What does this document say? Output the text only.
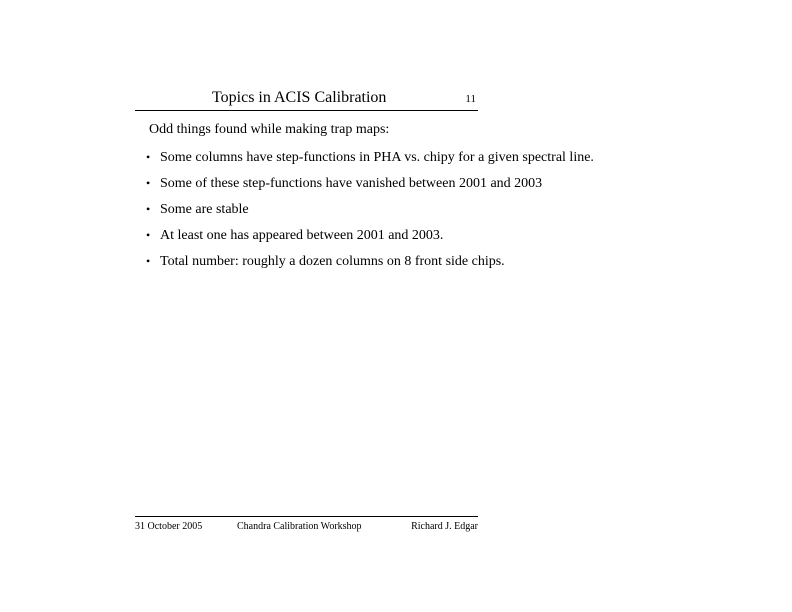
Topics in ACIS Calibration	11
Odd things found while making trap maps:
• Some columns have step-functions in PHA vs. chipy for a given spectral line.
• Some of these step-functions have vanished between 2001 and 2003
• Some are stable
• At least one has appeared between 2001 and 2003.
• Total number: roughly a dozen columns on 8 front side chips.
31 October 2005	Chandra Calibration Workshop	Richard J. Edgar
